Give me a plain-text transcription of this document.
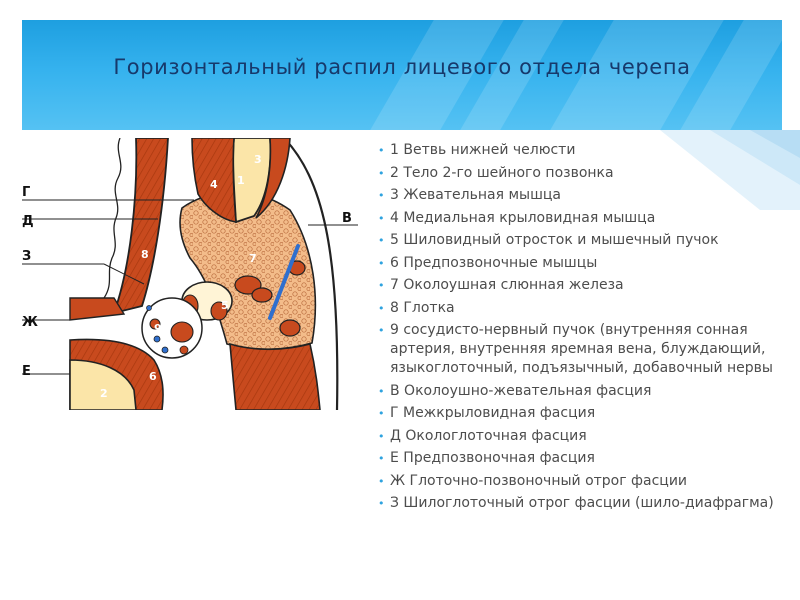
Горизонтальный распил лицевого отдела черепа
Г
Д
З
Ж
Е
В
1
2
3
4
5
6
7
8
9
• 1 Ветвь нижней челюсти
• 2 Тело 2-го шейного позвонка
• 3 Жевательная мышца
• 4 Медиальная крыловидная мышца
• 5 Шиловидный отросток и мышечный пучок
• 6 Предпозвоночные мышцы
• 7 Околоушная слюнная железа
• 8 Глотка
• 9 сосудисто-нервный пучок (внутренняя сонная артерия, внутренняя яремная вена, блуждающий, языкоглоточный, подъязычный, добавочный нервы
• В Околоушно-жевательная фасция
• Г Межкрыловидная фасция
• Д Окологлоточная фасция
• Е Предпозвоночная фасция
• Ж Глоточно-позвоночный отрог фасции
• З Шилоглоточный отрог фасции (шило-диафрагма)
